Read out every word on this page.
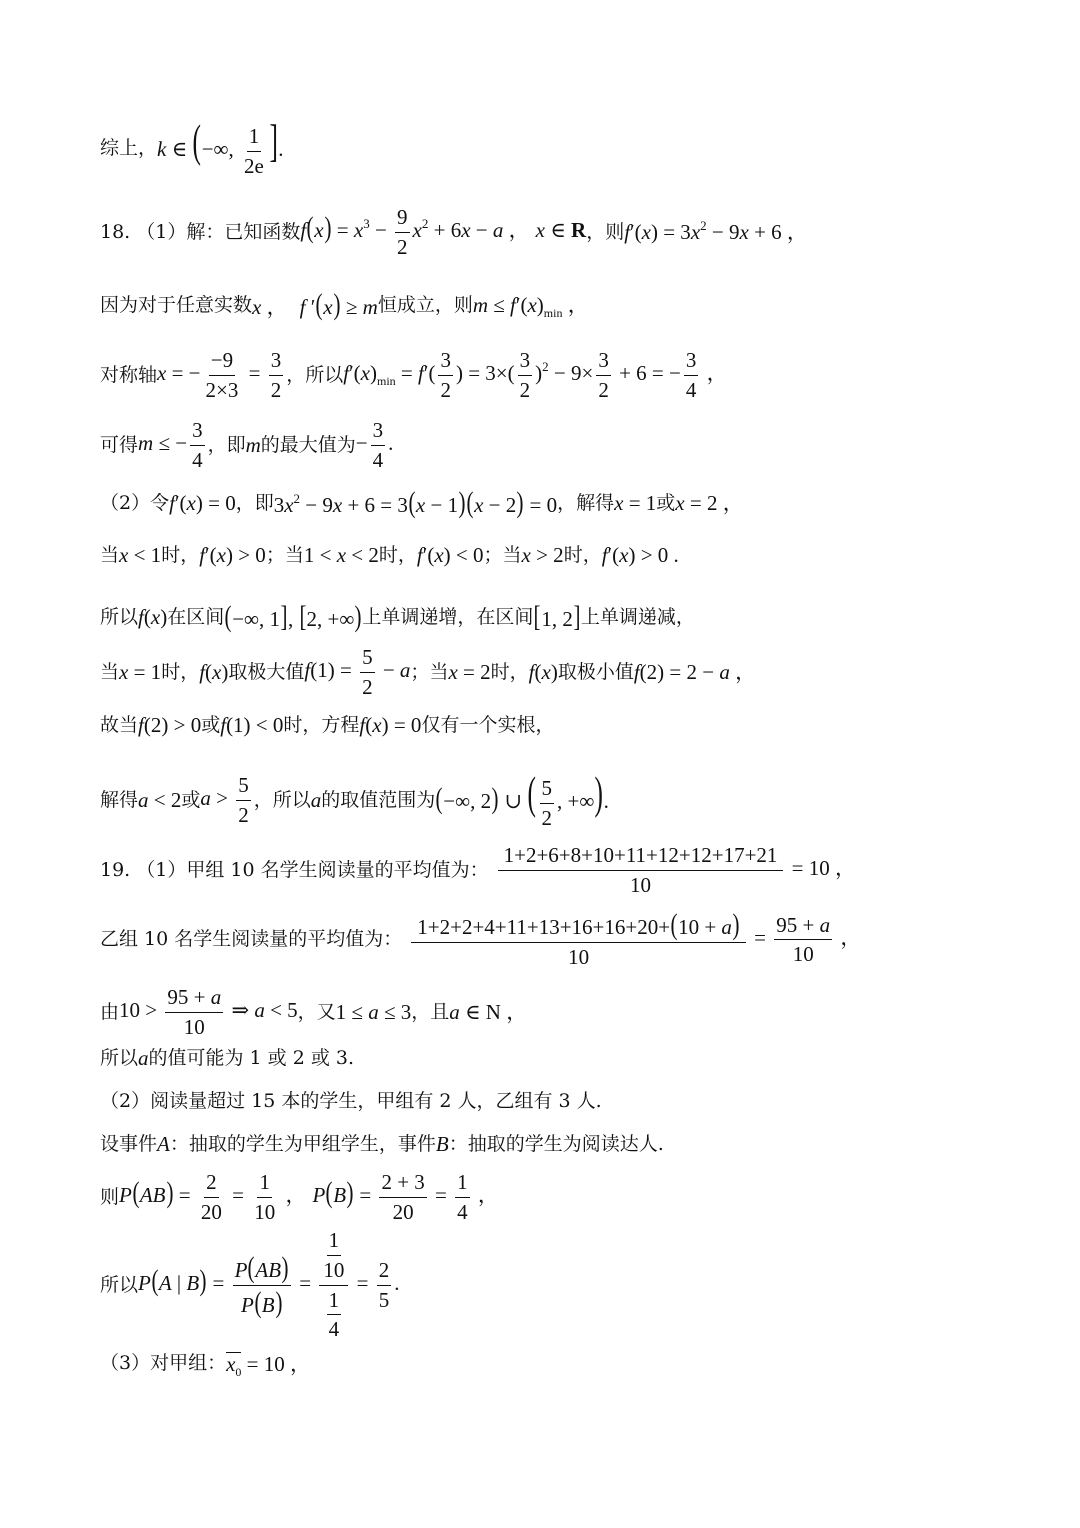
综上， k ∈ (−∞, $\frac{1}{2e}$ ].
18. （1）解：已知函数 $f(x) = x^3 - \frac{9}{2} x^2 + 6x - a$ ， x ∈ R ，则 $f'(x) = 3x^2 - 9x + 6$ ，
因为对于任意实数 x ， f ′(x) ≥ m 恒成立，则 $m \le f'(x)_{min}$ ，
对称轴 x = − $\frac{-9}{2\times 3} = \frac{3}{2}$ ，所以 $f'(x)_{min} = f'( \frac{3}{2}$ ) = $3\times( \frac{3}{2} )^2 - 9\times \frac{3}{2} + 6$ = − $\frac{3}{4}$ ，
可得 m ≤ − $\frac{3}{4}$ ，即 m 的最大值为 − $\frac{3}{4}$ .
（2）令 f′(x) = 0 ，即 $3x^2 - 9x + 6 = 3(x - 1)(x - 2) = 0$ ，解得 x = 1 或 x = 2 ，
当 x < 1 时， f′(x) > 0 ； 当 1 < x < 2 时， f′(x) < 0 ； 当 x > 2 时， f′(x) > 0 .
所以 f(x) 在区间 (−∞, 1], [2, +∞) 上单调递增，在区间 [1, 2] 上单调递减，
当 x = 1 时， f(x) 取极大值 $f(1) = \frac{5}{2} - a$ ； 当 x = 2 时， f(x) 取极小值 f(2) = 2 − a ，
故当 f(2) > 0 或 f(1) < 0 时，方程 f(x) = 0 仅有一个实根，
解得 a < 2 或 $a > \frac{5}{2}$ ，所以 a 的取值范围为 (−∞, 2) ∪ ( $\frac{5}{2}$ , +∞).
19. （1）甲组 10 名学生阅读量的平均值为： $\frac{1+2+6+8+10+11+12+12+17+21}{10} = 10$ ，
乙组 10 名学生阅读量的平均值为： $\frac{1+2+2+4+11+13+16+16+20+(10 + a)}{10} = \frac{95 + a}{10}$ ，
由 $10 > \frac{95 + a}{10}$ ⇒ a < 5 ，又 1 ≤ a ≤ 3 ，且 a ∈ N ，
所以 a 的值可能为 1 或 2 或 3.
（2）阅读量超过 15 本的学生，甲组有 2 人，乙组有 3 人.
设事件 A ：抽取的学生为甲组学生，事件 B ：抽取的学生为阅读达人.
则 $P(AB) = \frac{2}{20} = \frac{1}{10}$ ， $P(B) = \frac{2 + 3}{20} = \frac{1}{4}$ ，
所以 P(A | $B) = \frac{P(AB)}{P(B)} = \frac{\frac{1}{10}}{\frac{1}{4}} = \frac{2}{5}$ .
（3）对甲组： $x_0 = 10$ ，
